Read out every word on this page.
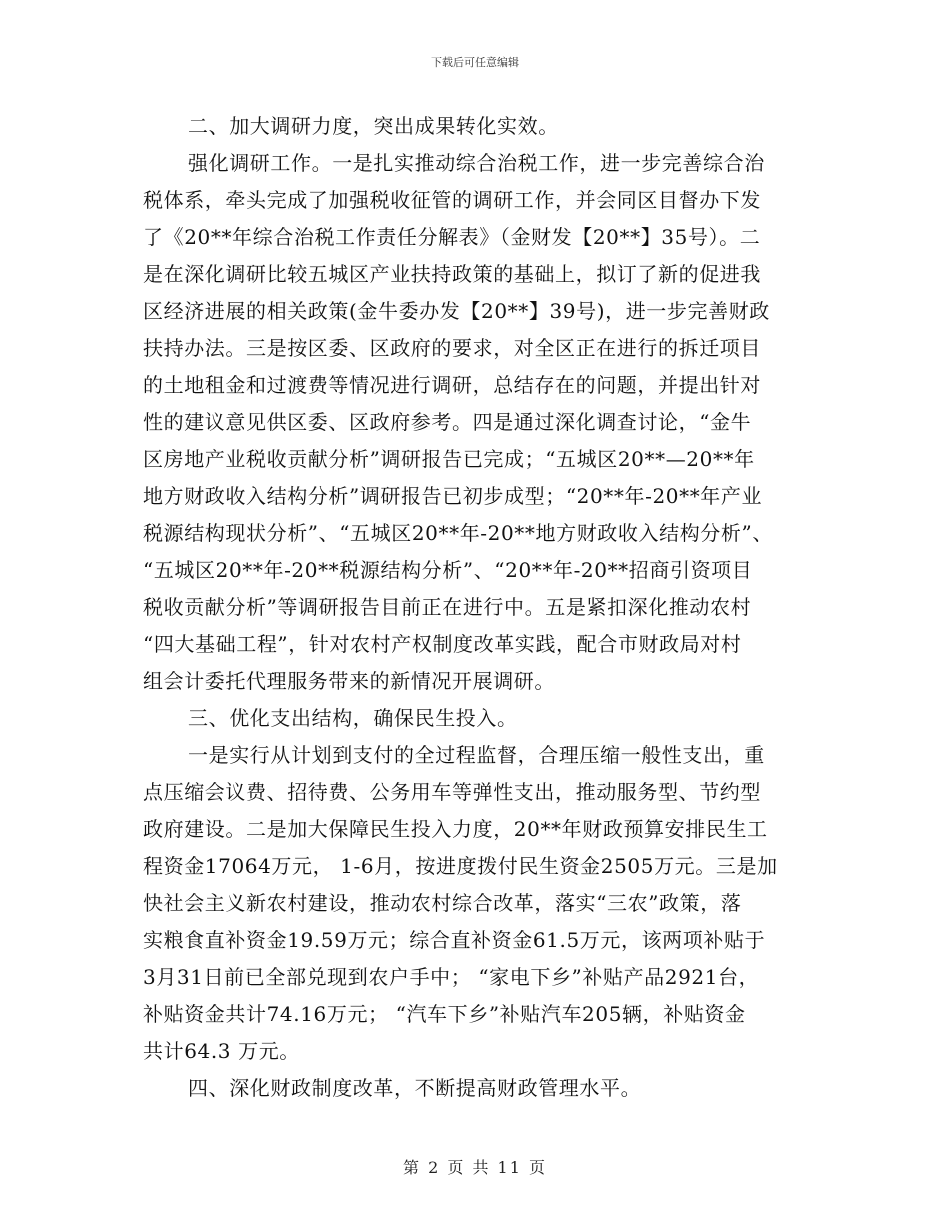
下载后可任意编辑
二、加大调研力度，突出成果转化实效。
强化调研工作。一是扎实推动综合治税工作，进一步完善综合治
税体系，牵头完成了加强税收征管的调研工作，并会同区目督办下发
了《20**年综合治税工作责任分解表》（金财发【20**】35号）。二
是在深化调研比较五城区产业扶持政策的基础上，拟订了新的促进我
区经济进展的相关政策(金牛委办发【20**】39号)，进一步完善财政
扶持办法。三是按区委、区政府的要求，对全区正在进行的拆迁项目
的土地租金和过渡费等情况进行调研，总结存在的问题，并提出针对
性的建议意见供区委、区政府参考。四是通过深化调查讨论，“金牛
区房地产业税收贡献分析”调研报告已完成；“五城区20**—20**年
地方财政收入结构分析”调研报告已初步成型；“20**年-20**年产业
税源结构现状分析”、“五城区20**年-20**地方财政收入结构分析”、
“五城区20**年-20**税源结构分析”、“20**年-20**招商引资项目
税收贡献分析”等调研报告目前正在进行中。五是紧扣深化推动农村
“四大基础工程”，针对农村产权制度改革实践，配合市财政局对村
组会计委托代理服务带来的新情况开展调研。
三、优化支出结构，确保民生投入。
一是实行从计划到支付的全过程监督，合理压缩一般性支出，重
点压缩会议费、招待费、公务用车等弹性支出，推动服务型、节约型
政府建设。二是加大保障民生投入力度，20**年财政预算安排民生工
程资金17064万元， 1-6月，按进度拨付民生资金2505万元。三是加
快社会主义新农村建设，推动农村综合改革，落实“三农”政策，落
实粮食直补资金19.59万元；综合直补资金61.5万元，该两项补贴于
3月31日前已全部兑现到农户手中； “家电下乡”补贴产品2921台，
补贴资金共计74.16万元； “汽车下乡”补贴汽车205辆，补贴资金
共计64.3 万元。
四、深化财政制度改革，不断提高财政管理水平。
第 2 页 共 11 页
